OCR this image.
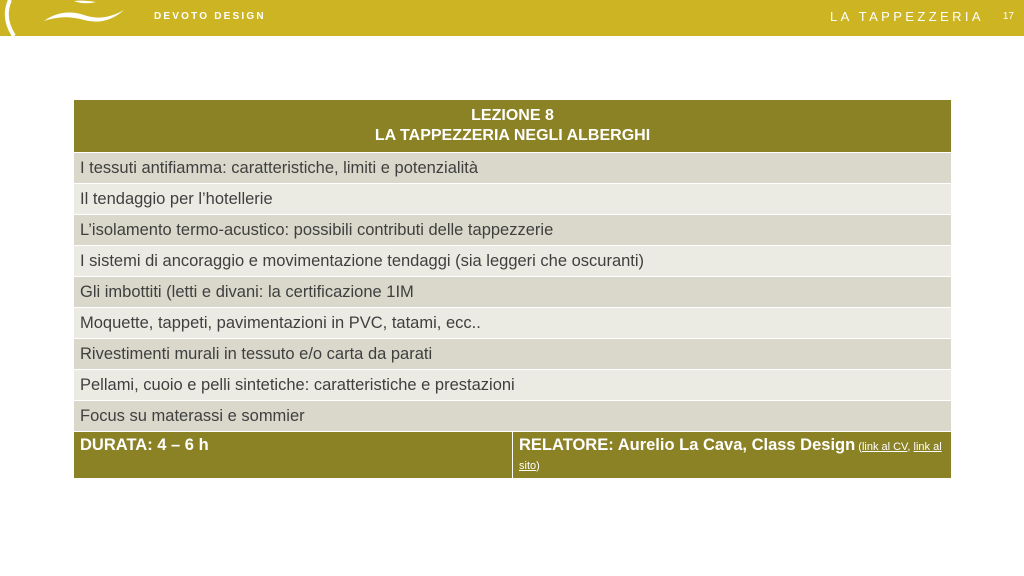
DEVOTO DESIGN	LA TAPPEZZERIA 17
LEZIONE 8
LA TAPPEZZERIA NEGLI ALBERGHI

I tessuti antifiamma: caratteristiche, limiti e potenzialità
Il tendaggio per l’hotellerie
L’isolamento termo-acustico: possibili contributi delle tappezzerie
I sistemi di ancoraggio e movimentazione tendaggi (sia leggeri che oscuranti)
Gli imbottiti (letti e divani: la certificazione 1IM
Moquette, tappeti, pavimentazioni in PVC, tatami, ecc..
Rivestimenti murali in tessuto e/o carta da parati
Pellami, cuoio e pelli sintetiche: caratteristiche e prestazioni
Focus su materassi e sommier
DURATA: 4 – 6 h	RELATORE: Aurelio La Cava, Class Design (link al CV, link al sito)
